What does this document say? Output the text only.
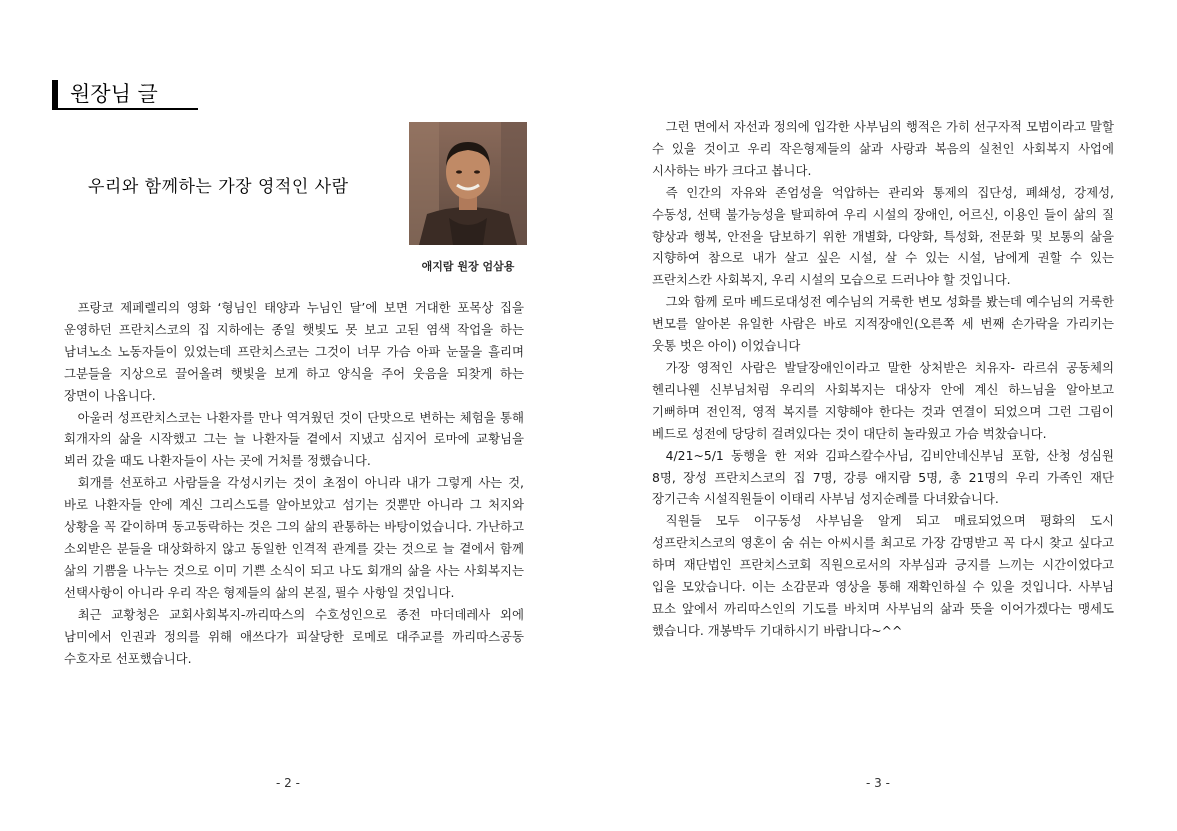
원장님 글
우리와 함께하는 가장 영적인 사람
애지람 원장 엄삼용

프랑코 제페렐리의 영화 ‘형님인 태양과 누님인 달’에 보면 거대한 포목상 집을 운영하던 프란치스코의 집 지하에는 종일 햇빛도 못 보고 고된 염색 작업을 하는 남녀노소 노동자들이 있었는데 프란치스코는 그것이 너무 가슴 아파 눈물을 흘리며 그분들을 지상으로 끌어올려 햇빛을 보게 하고 양식을 주어 웃음을 되찾게 하는 장면이 나옵니다.

아울러 성프란치스코는 나환자를 만나 역겨웠던 것이 단맛으로 변하는 체험을 통해 회개자의 삶을 시작했고 그는 늘 나환자들 곁에서 지냈고 심지어 로마에 교황님을 뵈러 갔을 때도 나환자들이 사는 곳에 거처를 정했습니다.

회개를 선포하고 사람들을 각성시키는 것이 초점이 아니라 내가 그렇게 사는 것, 바로 나환자들 안에 계신 그리스도를 알아보았고 섬기는 것뿐만 아니라 그 처지와 상황을 꼭 같이하며 동고동락하는 것은 그의 삶의 관통하는 바탕이었습니다. 가난하고 소외받은 분들을 대상화하지 않고 동일한 인격적 관계를 갖는 것으로 늘 곁에서 함께 삶의 기쁨을 나누는 것으로 이미 기쁜 소식이 되고 나도 회개의 삶을 사는 사회복지는 선택사항이 아니라 우리 작은 형제들의 삶의 본질, 필수 사항일 것입니다.

최근 교황청은 교회사회복지-까리따스의 수호성인으로 종전 마더데레사 외에 남미에서 인권과 정의를 위해 애쓰다가 피살당한 로메로 대주교를 까리따스공동 수호자로 선포했습니다.

그런 면에서 자선과 정의에 입각한 사부님의 행적은 가히 선구자적 모범이라고 말할 수 있을 것이고 우리 작은형제들의 삶과 사랑과 복음의 실천인 사회복지 사업에 시사하는 바가 크다고 봅니다.

즉 인간의 자유와 존엄성을 억압하는 관리와 통제의 집단성, 폐쇄성, 강제성, 수동성, 선택 불가능성을 탈피하여 우리 시설의 장애인, 어르신, 이용인 들이 삶의 질 향상과 행복, 안전을 담보하기 위한 개별화, 다양화, 특성화, 전문화 및 보통의 삶을 지향하여 참으로 내가 살고 싶은 시설, 살 수 있는 시설, 남에게 권할 수 있는 프란치스칸 사회복지, 우리 시설의 모습으로 드러나야 할 것입니다.

그와 함께 로마 베드로대성전 예수님의 거룩한 변모 성화를 봤는데 예수님의 거룩한 변모를 알아본 유일한 사람은 바로 지적장애인(오른쪽 세 번째 손가락을 가리키는 웃통 벗은 아이) 이었습니다

가장 영적인 사람은 발달장애인이라고 말한 상처받은 치유자- 라르쉬 공동체의 헨리나웬 신부님처럼 우리의 사회복지는 대상자 안에 계신 하느님을 알아보고 기뻐하며 전인적, 영적 복지를 지향해야 한다는 것과 연결이 되었으며 그런 그림이 베드로 성전에 당당히 걸려있다는 것이 대단히 놀라웠고 가슴 벅찼습니다.

4/21~5/1 동행을 한 저와 김파스칼수사님, 김비안네신부님 포함, 산청 성심원 8명, 장성 프란치스코의 집 7명, 강릉 애지람 5명, 총 21명의 우리 가족인 재단 장기근속 시설직원들이 이태리 사부님 성지순례를 다녀왔습니다.

직원들 모두 이구동성 사부님을 알게 되고 매료되었으며 평화의 도시 성프란치스코의 영혼이 숨 쉬는 아씨시를 최고로 가장 감명받고 꼭 다시 찾고 싶다고 하며 재단법인 프란치스코회 직원으로서의 자부심과 긍지를 느끼는 시간이었다고 입을 모았습니다. 이는 소감문과 영상을 통해 재확인하실 수 있을 것입니다. 사부님 묘소 앞에서 까리따스인의 기도를 바치며 사부님의 삶과 뜻을 이어가겠다는 맹세도 했습니다. 개봉박두 기대하시기 바랍니다~^^

- 2 -	- 3 -
